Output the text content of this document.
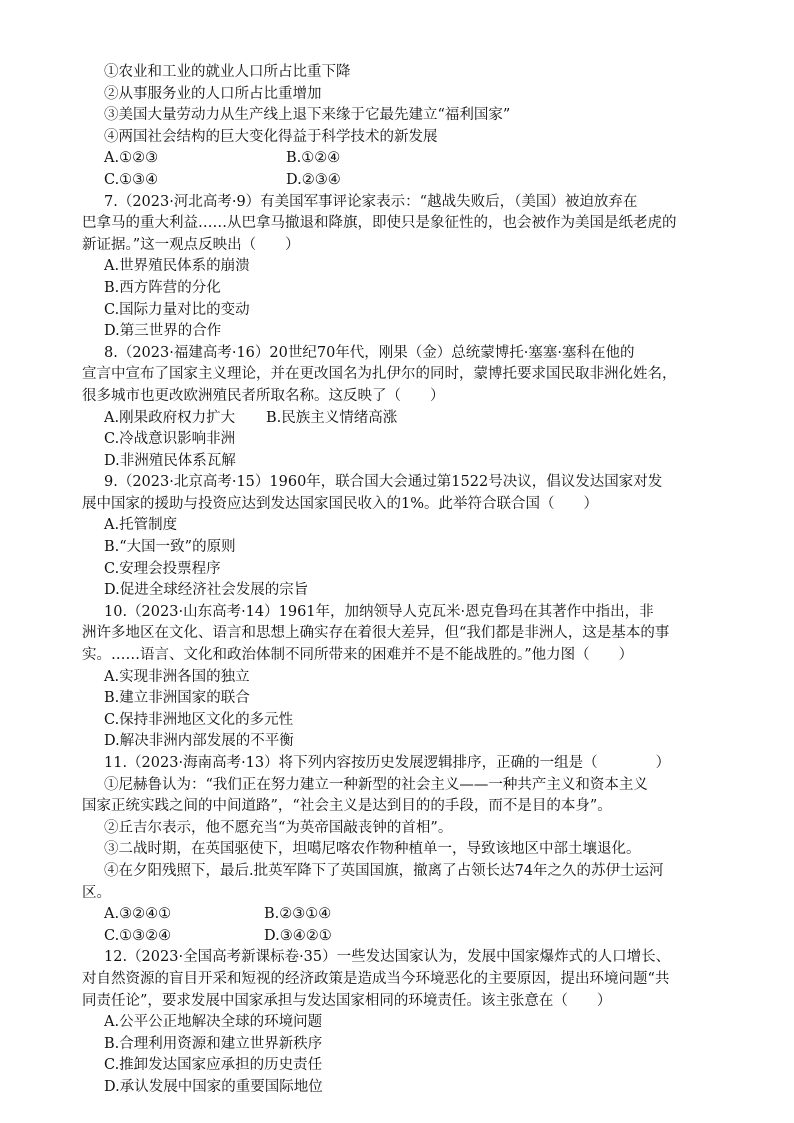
①农业和工业的就业人口所占比重下降
②从事服务业的人口所占比重增加
③美国大量劳动力从生产线上退下来缘于它最先建立“福利国家”
④两国社会结构的巨大变化得益于科学技术的新发展
A.①②③	B.①②④
C.①③④	D.②③④
7.（2023·河北高考·9）有美国军事评论家表示：“越战失败后，（美国）被迫放弃在
巴拿马的重大利益……从巴拿马撤退和降旗，即使只是象征性的，也会被作为美国是纸老虎的
新证据。”这一观点反映出（　　）
A.世界殖民体系的崩溃
B.西方阵营的分化
C.国际力量对比的变动
D.第三世界的合作
8.（2023·福建高考·16）20世纪70年代，刚果（金）总统蒙博托·塞塞·塞科在他的
宣言中宣布了国家主义理论，并在更改国名为扎伊尔的同时，蒙博托要求国民取非洲化姓名，
很多城市也更改欧洲殖民者所取名称。这反映了（　　）
A.刚果政府权力扩大	B.民族主义情绪高涨
C.冷战意识影响非洲
D.非洲殖民体系瓦解
9.（2023·北京高考·15）1960年，联合国大会通过第1522号决议，倡议发达国家对发
展中国家的援助与投资应达到发达国家国民收入的1%。此举符合联合国（　　）
A.托管制度
B.“大国一致”的原则
C.安理会投票程序
D.促进全球经济社会发展的宗旨
10.（2023·山东高考·14）1961年，加纳领导人克瓦米·恩克鲁玛在其著作中指出，非
洲许多地区在文化、语言和思想上确实存在着很大差异，但“我们都是非洲人，这是基本的事
实。……语言、文化和政治体制不同所带来的困难并不是不能战胜的。”他力图（　　）
A.实现非洲各国的独立
B.建立非洲国家的联合
C.保持非洲地区文化的多元性
D.解决非洲内部发展的不平衡
11.（2023·海南高考·13）将下列内容按历史发展逻辑排序，正确的一组是（　　　　）
①尼赫鲁认为：“我们正在努力建立一种新型的社会主义——一种共产主义和资本主义
国家正统实践之间的中间道路”，“社会主义是达到目的的手段，而不是目的本身”。
②丘吉尔表示，他不愿充当“为英帝国敲丧钟的首相”。
③二战时期，在英国驱使下，坦噶尼喀农作物种植单一，导致该地区中部土壤退化。
④在夕阳残照下，最后.批英军降下了英国国旗，撤离了占领长达74年之久的苏伊士运河
区。
A.③②④①	B.②③①④
C.①③②④	D.③④②①
12.（2023·全国高考新课标卷·35）一些发达国家认为，发展中国家爆炸式的人口增长、
对自然资源的盲目开采和短视的经济政策是造成当今环境恶化的主要原因，提出环境问题“共
同责任论”，要求发展中国家承担与发达国家相同的环境责任。该主张意在（　　）
A.公平公正地解决全球的环境问题
B.合理利用资源和建立世界新秩序
C.推卸发达国家应承担的历史责任
D.承认发展中国家的重要国际地位
